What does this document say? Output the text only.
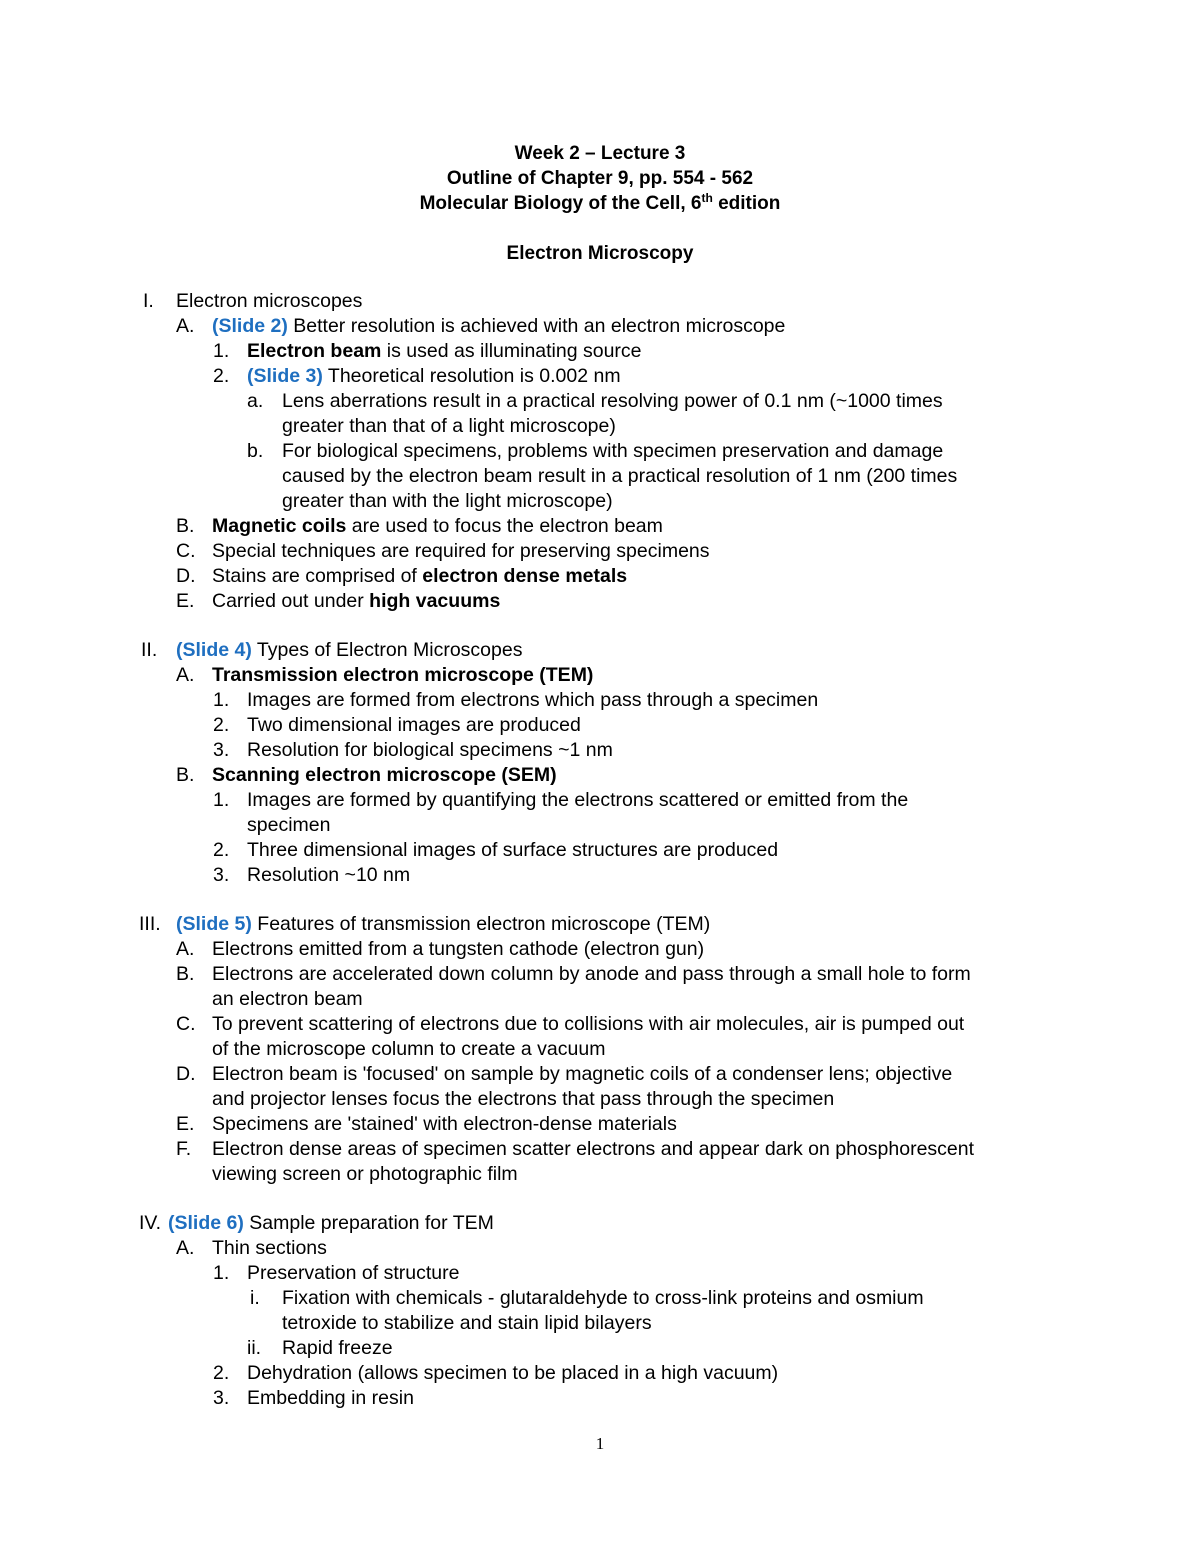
Week 2 – Lecture 3
Outline of Chapter 9, pp. 554 - 562
Molecular Biology of the Cell, 6th edition
Electron Microscopy
I. Electron microscopes
A. (Slide 2) Better resolution is achieved with an electron microscope
1. Electron beam is used as illuminating source
2. (Slide 3) Theoretical resolution is 0.002 nm
a. Lens aberrations result in a practical resolving power of 0.1 nm (~1000 times
greater than that of a light microscope)
b. For biological specimens, problems with specimen preservation and damage
caused by the electron beam result in a practical resolution of 1 nm (200 times
greater than with the light microscope)
B. Magnetic coils are used to focus the electron beam
C. Special techniques are required for preserving specimens
D. Stains are comprised of electron dense metals
E. Carried out under high vacuums
II. (Slide 4) Types of Electron Microscopes
A. Transmission electron microscope (TEM)
1. Images are formed from electrons which pass through a specimen
2. Two dimensional images are produced
3. Resolution for biological specimens ~1 nm
B. Scanning electron microscope (SEM)
1. Images are formed by quantifying the electrons scattered or emitted from the
specimen
2. Three dimensional images of surface structures are produced
3. Resolution ~10 nm
III. (Slide 5) Features of transmission electron microscope (TEM)
A. Electrons emitted from a tungsten cathode (electron gun)
B. Electrons are accelerated down column by anode and pass through a small hole to form
an electron beam
C. To prevent scattering of electrons due to collisions with air molecules, air is pumped out
of the microscope column to create a vacuum
D. Electron beam is 'focused' on sample by magnetic coils of a condenser lens; objective
and projector lenses focus the electrons that pass through the specimen
E. Specimens are 'stained' with electron-dense materials
F. Electron dense areas of specimen scatter electrons and appear dark on phosphorescent
viewing screen or photographic film
IV. (Slide 6) Sample preparation for TEM
A. Thin sections
1. Preservation of structure
i. Fixation with chemicals - glutaraldehyde to cross-link proteins and osmium
tetroxide to stabilize and stain lipid bilayers
ii. Rapid freeze
2. Dehydration (allows specimen to be placed in a high vacuum)
3. Embedding in resin
1
